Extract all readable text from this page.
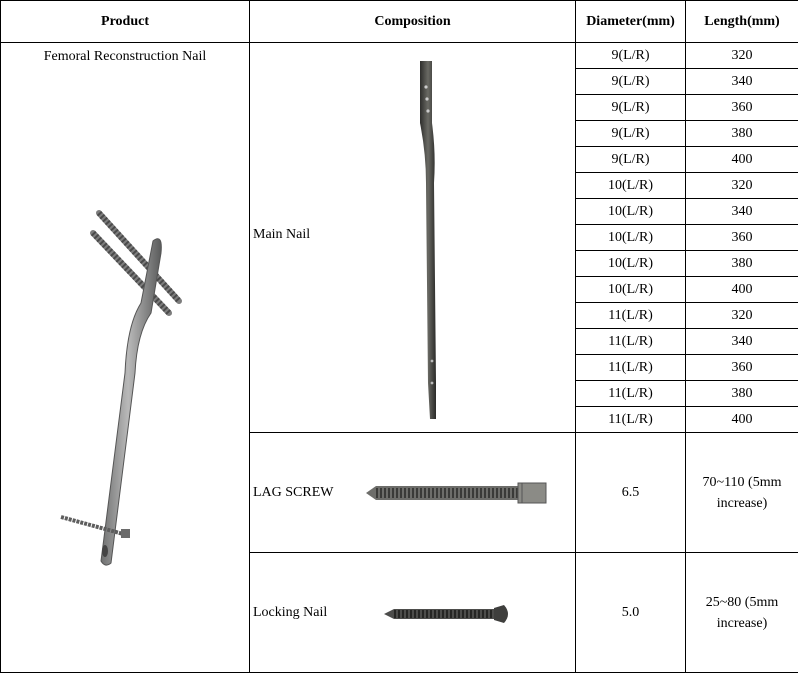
Product	Composition	Diameter(mm)	Length(mm)

Femoral Reconstruction Nail	Main Nail	9(L/R)	320
		9(L/R)	340
		9(L/R)	360
		9(L/R)	380
		9(L/R)	400
		10(L/R)	320
		10(L/R)	340
		10(L/R)	360
		10(L/R)	380
		10(L/R)	400
		11(L/R)	320
		11(L/R)	340
		11(L/R)	360
		11(L/R)	380
		11(L/R)	400

	LAG SCREW	6.5	70~110 (5mm
increase)

	Locking Nail	5.0	25~80 (5mm
increase)
